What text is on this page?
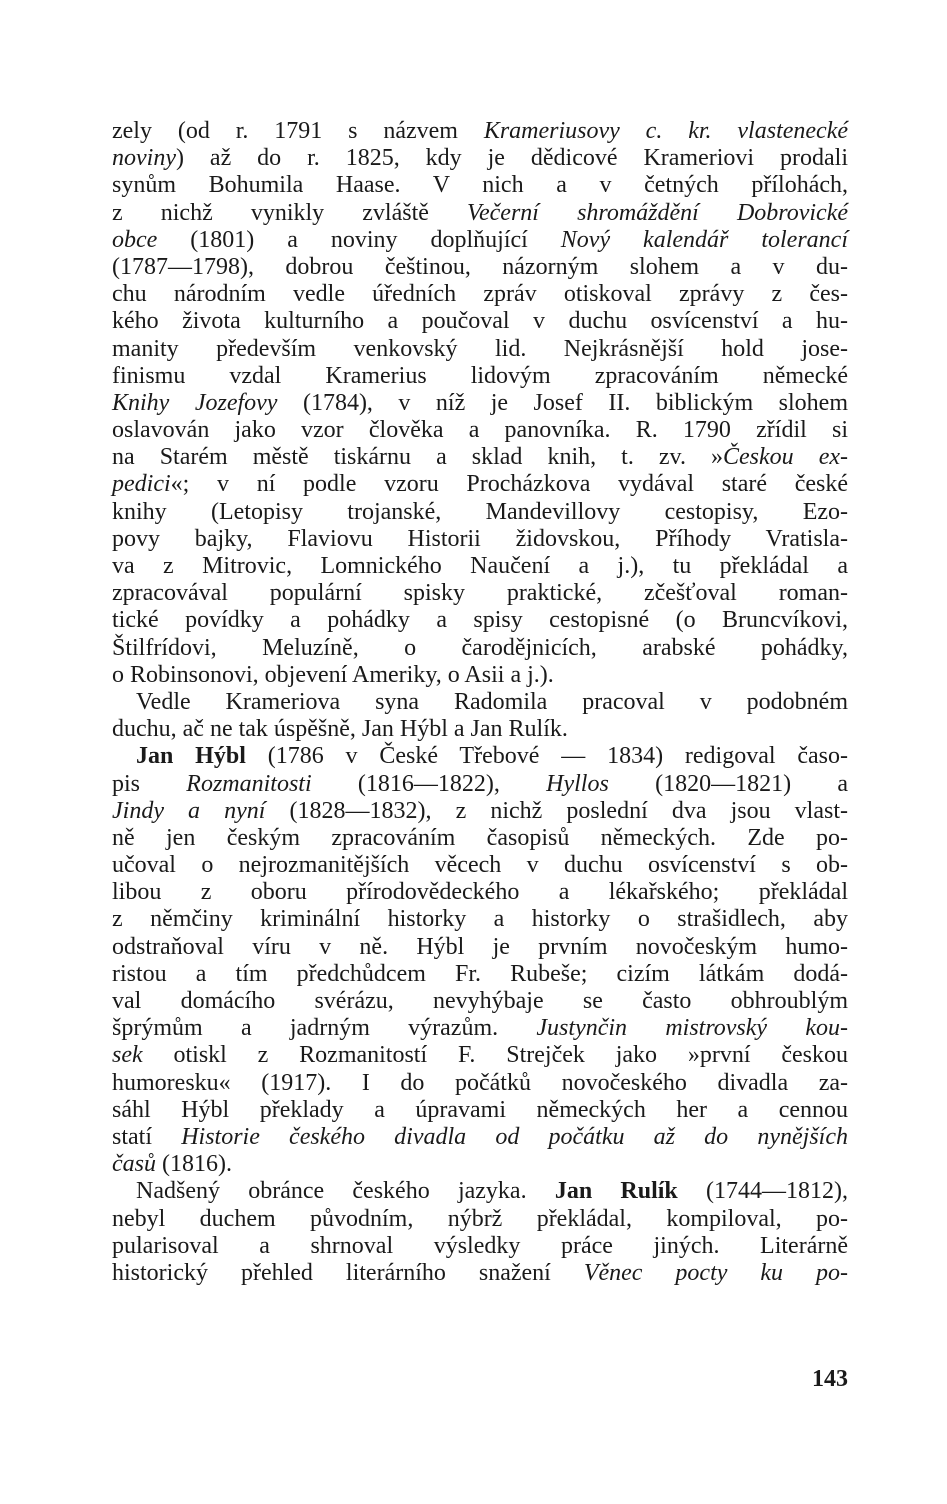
zely (od r. 1791 s názvem Krameriusovy c. kr. vlastenecké
noviny) až do r. 1825, kdy je dědicové Krameriovi prodali
synům Bohumila Haase. V nich a v četných přílohách,
z nichž vynikly zvláště Večerní shromáždění Dobrovické
obce (1801) a noviny doplňující Nový kalendář tolerancí
(1787—1798), dobrou češtinou, názorným slohem a v du-
chu národním vedle úředních zpráv otiskoval zprávy z čes-
kého života kulturního a poučoval v duchu osvícenství a hu-
manity především venkovský lid. Nejkrásnější hold jose-
finismu vzdal Kramerius lidovým zpracováním německé
Knihy Jozefovy (1784), v níž je Josef II. biblickým slohem
oslavován jako vzor člověka a panovníka. R. 1790 zřídil si
na Starém městě tiskárnu a sklad knih, t. zv. »Českou ex-
pedici«; v ní podle vzoru Procházkova vydával staré české
knihy (Letopisy trojanské, Mandevillovy cestopisy, Ezo-
povy bajky, Flaviovu Historii židovskou, Příhody Vratisla-
va z Mitrovic, Lomnického Naučení a j.), tu překládal a
zpracovával populární spisky praktické, zčešťoval roman-
tické povídky a pohádky a spisy cestopisné (o Bruncvíkovi,
Štilfrídovi, Meluzíně, o čarodějnicích, arabské pohádky,
o Robinsonovi, objevení Ameriky, o Asii a j.).
Vedle Krameriova syna Radomila pracoval v podobném
duchu, ač ne tak úspěšně, Jan Hýbl a Jan Rulík.
Jan Hýbl (1786 v České Třebové — 1834) redigoval časo-
pis Rozmanitosti (1816—1822), Hyllos (1820—1821) a
Jindy a nyní (1828—1832), z nichž poslední dva jsou vlast-
ně jen českým zpracováním časopisů německých. Zde po-
učoval o nejrozmanitějších věcech v duchu osvícenství s ob-
libou z oboru přírodovědeckého a lékařského; překládal
z němčiny kriminální historky a historky o strašidlech, aby
odstraňoval víru v ně. Hýbl je prvním novočeským humo-
ristou a tím předchůdcem Fr. Rubeše; cizím látkám dodá-
val domácího svérázu, nevyhýbaje se často obhroublým
šprýmům a jadrným výrazům. Justynčin mistrovský kou-
sek otiskl z Rozmanitostí F. Strejček jako »první českou
humoresku« (1917). I do počátků novočeského divadla za-
sáhl Hýbl překlady a úpravami německých her a cennou
statí Historie českého divadla od počátku až do nynějších
časů (1816).
Nadšený obránce českého jazyka. Jan Rulík (1744—1812),
nebyl duchem původním, nýbrž překládal, kompiloval, po-
pularisoval a shrnoval výsledky práce jiných. Literárně
historický přehled literárního snažení Věnec pocty ku po-
143
